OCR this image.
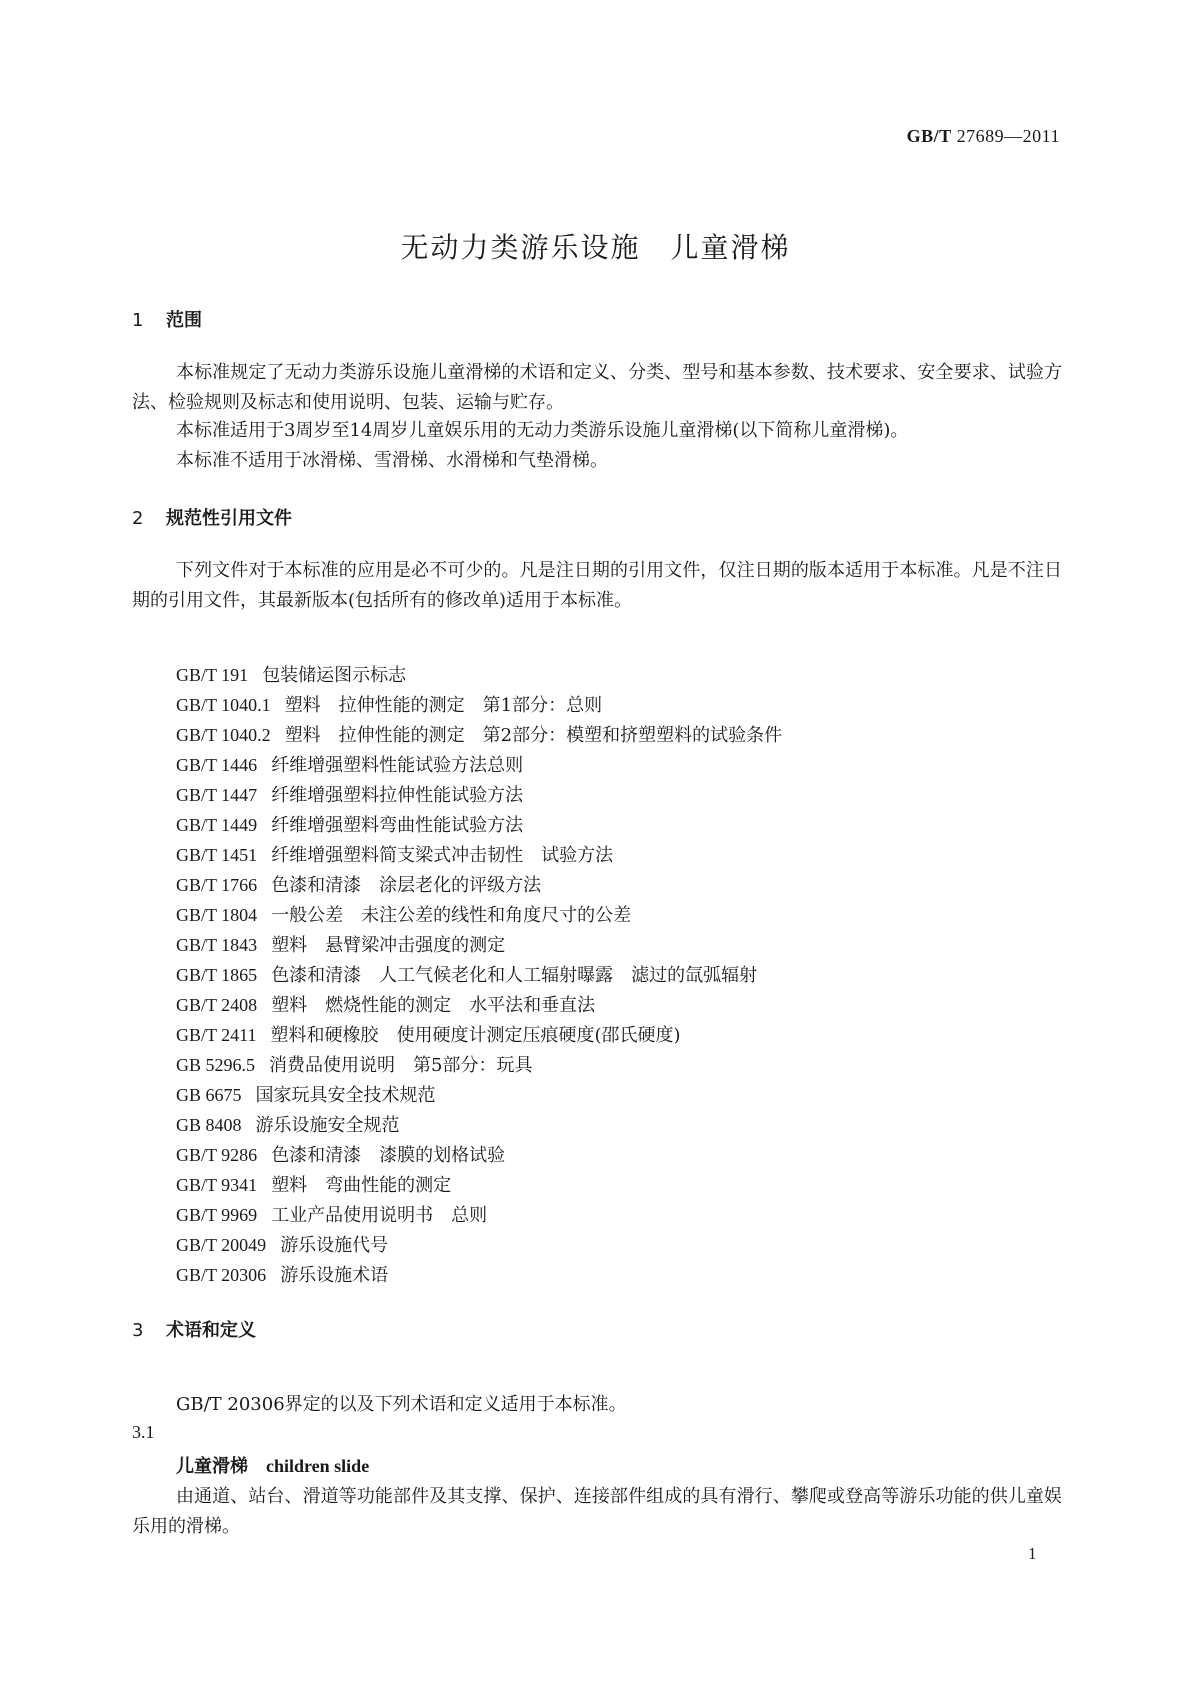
GB/T 27689—2011
无动力类游乐设施　儿童滑梯
1 范围
本标准规定了无动力类游乐设施儿童滑梯的术语和定义、分类、型号和基本参数、技术要求、安全要求、试验方法、检验规则及标志和使用说明、包装、运输与贮存。
本标准适用于3周岁至14周岁儿童娱乐用的无动力类游乐设施儿童滑梯(以下简称儿童滑梯)。
本标准不适用于冰滑梯、雪滑梯、水滑梯和气垫滑梯。
2 规范性引用文件
下列文件对于本标准的应用是必不可少的。凡是注日期的引用文件，仅注日期的版本适用于本标准。凡是不注日期的引用文件，其最新版本(包括所有的修改单)适用于本标准。
GB/T 191 包装储运图示标志
GB/T 1040.1 塑料　拉伸性能的测定　第1部分：总则
GB/T 1040.2 塑料　拉伸性能的测定　第2部分：模塑和挤塑塑料的试验条件
GB/T 1446 纤维增强塑料性能试验方法总则
GB/T 1447 纤维增强塑料拉伸性能试验方法
GB/T 1449 纤维增强塑料弯曲性能试验方法
GB/T 1451 纤维增强塑料简支梁式冲击韧性　试验方法
GB/T 1766 色漆和清漆　涂层老化的评级方法
GB/T 1804 一般公差　未注公差的线性和角度尺寸的公差
GB/T 1843 塑料　悬臂梁冲击强度的测定
GB/T 1865 色漆和清漆　人工气候老化和人工辐射曝露　滤过的氙弧辐射
GB/T 2408 塑料　燃烧性能的测定　水平法和垂直法
GB/T 2411 塑料和硬橡胶　使用硬度计测定压痕硬度(邵氏硬度)
GB 5296.5 消费品使用说明　第5部分：玩具
GB 6675 国家玩具安全技术规范
GB 8408 游乐设施安全规范
GB/T 9286 色漆和清漆　漆膜的划格试验
GB/T 9341 塑料　弯曲性能的测定
GB/T 9969 工业产品使用说明书　总则
GB/T 20049 游乐设施代号
GB/T 20306 游乐设施术语
3 术语和定义
GB/T 20306界定的以及下列术语和定义适用于本标准。
3.1
儿童滑梯 children slide
由通道、站台、滑道等功能部件及其支撑、保护、连接部件组成的具有滑行、攀爬或登高等游乐功能的供儿童娱乐用的滑梯。
1
